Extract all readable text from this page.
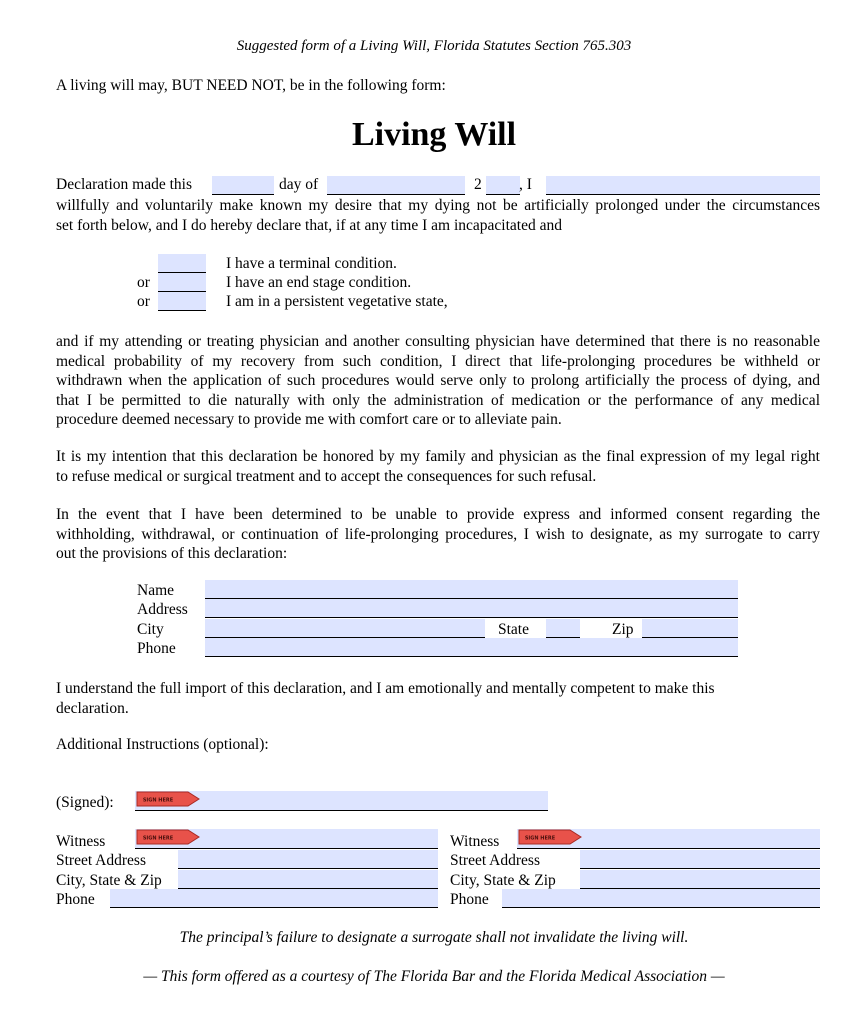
Suggested form of a Living Will, Florida Statutes Section 765.303
A living will may, BUT NEED NOT, be in the following form:
Living Will
Declaration made this	day of	2 , I
willfully and voluntarily make known my desire that my dying not be artificially prolonged under the circumstances
set forth below, and I do hereby declare that, if at any time I am incapacitated and
I have a terminal condition.
or	I have an end stage condition.
or	I am in a persistent vegetative state,
and if my attending or treating physician and another consulting physician have determined that there is no reasonable
medical probability of my recovery from such condition, I direct that life-prolonging procedures be withheld or
withdrawn when the application of such procedures would serve only to prolong artificially the process of dying, and
that I be permitted to die naturally with only the administration of medication or the performance of any medical
procedure deemed necessary to provide me with comfort care or to alleviate pain.
It is my intention that this declaration be honored by my family and physician as the final expression of my legal right
to refuse medical or surgical treatment and to accept the consequences for such refusal.
In the event that I have been determined to be unable to provide express and informed consent regarding the
withholding, withdrawal, or continuation of life-prolonging procedures, I wish to designate, as my surrogate to carry
out the provisions of this declaration:
Name
Address
City	State	Zip
Phone
I understand the full import of this declaration, and I am emotionally and mentally competent to make this
declaration.
Additional Instructions (optional):
(Signed):	SIGN HERE
Witness	SIGN HERE
Street Address
City, State & Zip
Phone
Witness	SIGN HERE
Street Address
City, State & Zip
Phone
The principal’s failure to designate a surrogate shall not invalidate the living will.
— This form offered as a courtesy of The Florida Bar and the Florida Medical Association —
